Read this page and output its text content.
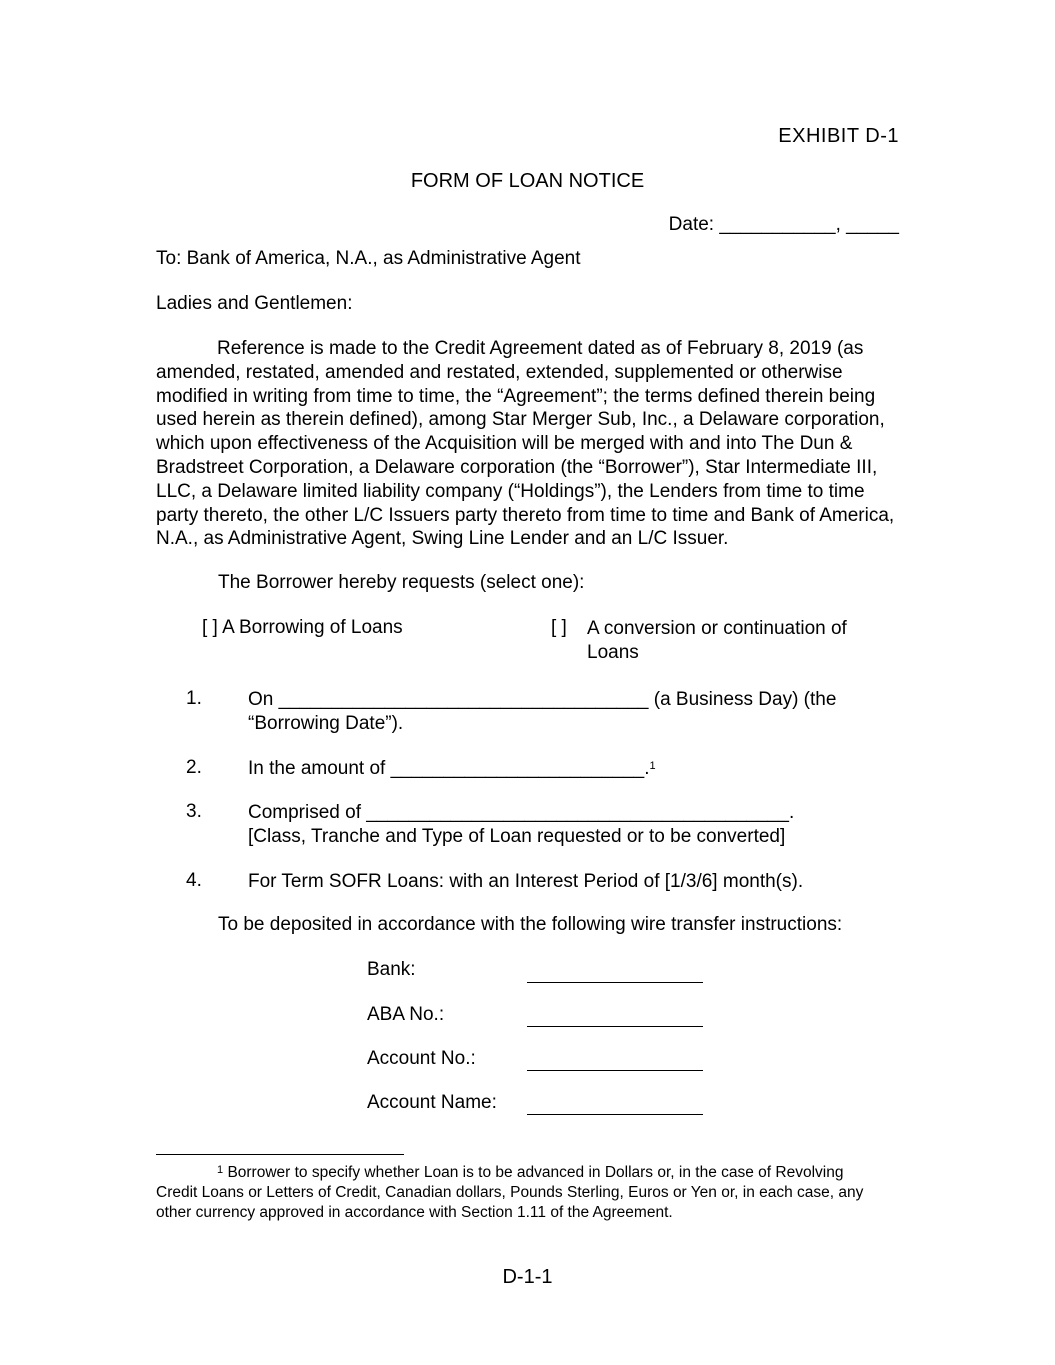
EXHIBIT D-1
FORM OF LOAN NOTICE
Date: ___________, _____
To: Bank of America, N.A., as Administrative Agent
Ladies and Gentlemen:
Reference is made to the Credit Agreement dated as of February 8, 2019 (as amended, restated, amended and restated, extended, supplemented or otherwise modified in writing from time to time, the “Agreement”; the terms defined therein being used herein as therein defined), among Star Merger Sub, Inc., a Delaware corporation, which upon effectiveness of the Acquisition will be merged with and into The Dun & Bradstreet Corporation, a Delaware corporation (the “Borrower”), Star Intermediate III, LLC, a Delaware limited liability company (“Holdings”), the Lenders from time to time party thereto, the other L/C Issuers party thereto from time to time and Bank of America, N.A., as Administrative Agent, Swing Line Lender and an L/C Issuer.
The Borrower hereby requests (select one):
[ ] A Borrowing of Loans	[ ] A conversion or continuation of Loans
1. On ___________________________________ (a Business Day) (the
“Borrowing Date”).
2. In the amount of ________________________.$^1$
3. Comprised of ________________________________________.
[Class, Tranche and Type of Loan requested or to be converted]
4. For Term SOFR Loans: with an Interest Period of [1/3/6] month(s).
To be deposited in accordance with the following wire transfer instructions:
Bank:
ABA No.:
Account No.:
Account Name:
$^1$ Borrower to specify whether Loan is to be advanced in Dollars or, in the case of Revolving Credit Loans or Letters of Credit, Canadian dollars, Pounds Sterling, Euros or Yen or, in each case, any other currency approved in accordance with Section 1.11 of the Agreement.
D-1-1
